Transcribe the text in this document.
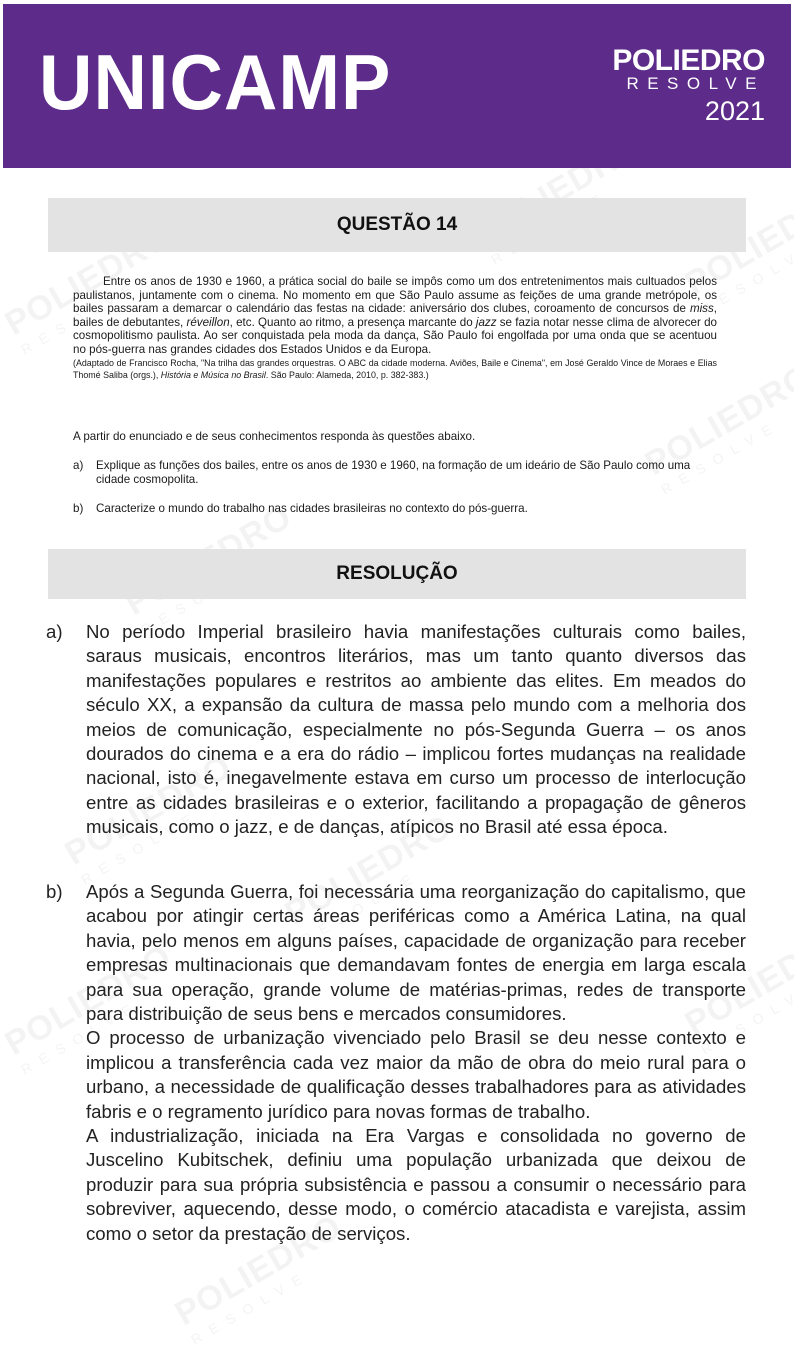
UNICAMP	POLIEDRO
RESOLVE
2021
QUESTÃO 14

Entre os anos de 1930 e 1960, a prática social do baile se impôs como um dos entretenimentos mais cultuados pelos paulistanos, juntamente com o cinema. No momento em que São Paulo assume as feições de uma grande metrópole, os bailes passaram a demarcar o calendário das festas na cidade: aniversário dos clubes, coroamento de concursos de miss, bailes de debutantes, réveillon, etc. Quanto ao ritmo, a presença marcante do jazz se fazia notar nesse clima de alvorecer do cosmopolitismo paulista. Ao ser conquistada pela moda da dança, São Paulo foi engolfada por uma onda que se acentuou no pós-guerra nas grandes cidades dos Estados Unidos e da Europa.

(Adaptado de Francisco Rocha, "Na trilha das grandes orquestras. O ABC da cidade moderna. Aviões, Baile e Cinema", em José Geraldo Vince de Moraes e Elias Thomé Saliba (orgs.), História e Música no Brasil. São Paulo: Alameda, 2010, p. 382-383.)

A partir do enunciado e de seus conhecimentos responda às questões abaixo.
a) Explique as funções dos bailes, entre os anos de 1930 e 1960, na formação de um ideário de São Paulo como uma cidade cosmopolita.
b) Caracterize o mundo do trabalho nas cidades brasileiras no contexto do pós-guerra.
RESOLUÇÃO
a) No período Imperial brasileiro havia manifestações culturais como bailes, saraus musicais, encontros literários, mas um tanto quanto diversos das manifestações populares e restritos ao ambiente das elites. Em meados do século XX, a expansão da cultura de massa pelo mundo com a melhoria dos meios de comunicação, especialmente no pós-Segunda Guerra – os anos dourados do cinema e a era do rádio – implicou fortes mudanças na realidade nacional, isto é, inegavelmente estava em curso um processo de interlocução entre as cidades brasileiras e o exterior, facilitando a propagação de gêneros musicais, como o jazz, e de danças, atípicos no Brasil até essa época.

b) Após a Segunda Guerra, foi necessária uma reorganização do capitalismo, que acabou por atingir certas áreas periféricas como a América Latina, na qual havia, pelo menos em alguns países, capacidade de organização para receber empresas multinacionais que demandavam fontes de energia em larga escala para sua operação, grande volume de matérias-primas, redes de transporte para distribuição de seus bens e mercados consumidores.

O processo de urbanização vivenciado pelo Brasil se deu nesse contexto e implicou a transferência cada vez maior da mão de obra do meio rural para o urbano, a necessidade de qualificação desses trabalhadores para as atividades fabris e o regramento jurídico para novas formas de trabalho.

A industrialização, iniciada na Era Vargas e consolidada no governo de Juscelino Kubitschek, definiu uma população urbanizada que deixou de produzir para sua própria subsistência e passou a consumir o necessário para sobreviver, aquecendo, desse modo, o comércio atacadista e varejista, assim como o setor da prestação de serviços.
